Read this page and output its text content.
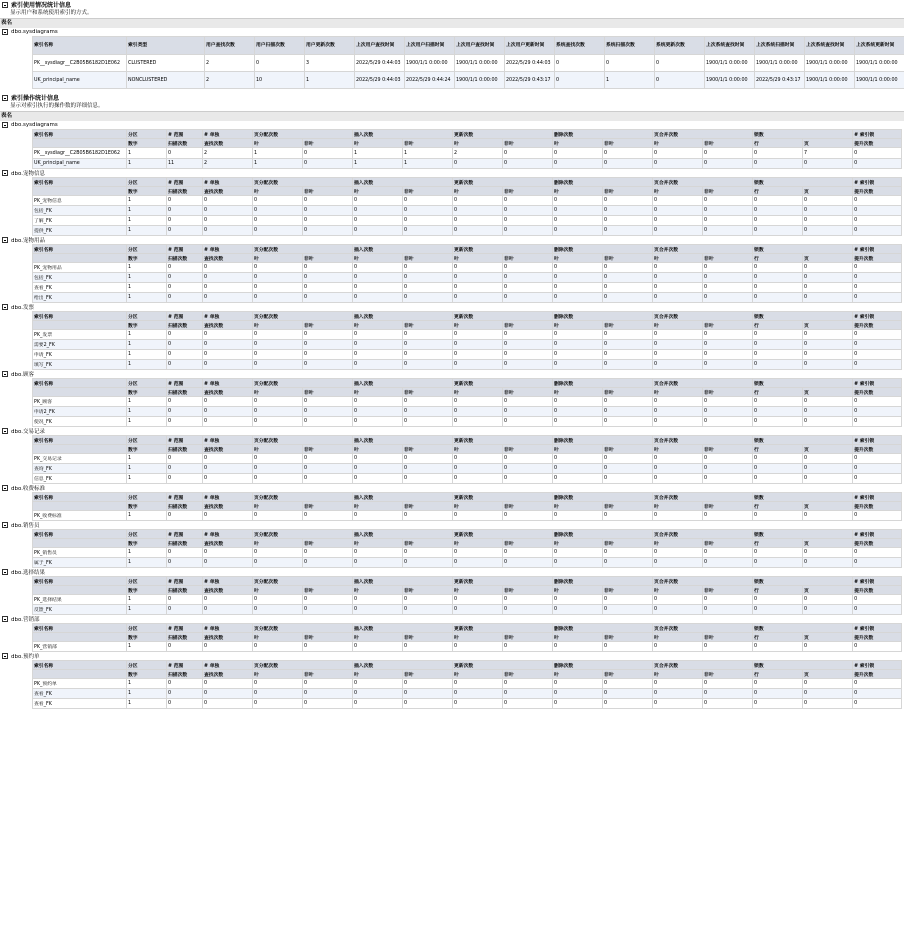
索引使用情况统计信息
显示用户和系统使用索引的方式。
表名
dbo.sysdiagrams
索引名称	索引类型	用户查找次数	用户扫描次数	用户更新次数	上次用户查找时间	上次用户扫描时间	上次用户查找时间	上次用户更新时间	系统查找次数	系统扫描次数	系统更新次数	上次系统查找时间	上次系统扫描时间	上次系统查找时间	上次系统更新时间
PK__sysdiagr__C2B05B6182D1E062	CLUSTERED	2	0	3	2022/5/29 0:44:03	1900/1/1 0:00:00	1900/1/1 0:00:00	2022/5/29 0:44:03	0	0	0	1900/1/1 0:00:00	1900/1/1 0:00:00	1900/1/1 0:00:00	1900/1/1 0:00:00
UK_principal_name	NONCLUSTERED	2	10	1	2022/5/29 0:44:03	2022/5/29 0:44:24	1900/1/1 0:00:00	2022/5/29 0:43:17	0	1	0	1900/1/1 0:00:00	2022/5/29 0:43:17	1900/1/1 0:00:00	1900/1/1 0:00:00
索引操作统计信息
显示对索引执行的操作数的详细信息。
表名
dbo.sysdiagrams
索引名称	分区	# 范围	# 单独	页分配次数		插入次数		更新次数		删除次数		页合并次数		锁数		# 索引锁
	数字	扫描次数	查找次数	叶	非叶	叶	非叶	叶	非叶	叶	非叶	叶	非叶	行	页	提升次数
PK__sysdiagr__C2B05B6182D1E062	1	0	2	1	0	1	1	2	0	0	0	0	0	0	7	0
UK_principal_name	1	11	2	1	0	1	1	0	0	0	0	0	0	0	0	0
dbo.宠物信息
索引名称	分区	# 范围	# 单独	页分配次数		插入次数		更新次数		删除次数		页合并次数		锁数		# 索引锁
	数字	扫描次数	查找次数	叶	非叶	叶	非叶	叶	非叶	叶	非叶	叶	非叶	行	页	提升次数
PK_宠物信息	1	0	0	0	0	0	0	0	0	0	0	0	0	0	0	0
包括_FK	1	0	0	0	0	0	0	0	0	0	0	0	0	0	0	0
了解_FK	1	0	0	0	0	0	0	0	0	0	0	0	0	0	0	0
提供_FK	1	0	0	0	0	0	0	0	0	0	0	0	0	0	0	0
dbo.宠物用品
索引名称	分区	# 范围	# 单独	页分配次数		插入次数		更新次数		删除次数		页合并次数		锁数		# 索引锁
	数字	扫描次数	查找次数	叶	非叶	叶	非叶	叶	非叶	叶	非叶	叶	非叶	行	页	提升次数
PK_宠物用品	1	0	0	0	0	0	0	0	0	0	0	0	0	0	0	0
包括_FK	1	0	0	0	0	0	0	0	0	0	0	0	0	0	0	0
查看_FK	1	0	0	0	0	0	0	0	0	0	0	0	0	0	0	0
给出_FK	1	0	0	0	0	0	0	0	0	0	0	0	0	0	0	0
dbo.发票
索引名称	分区	# 范围	# 单独	页分配次数		插入次数		更新次数		删除次数		页合并次数		锁数		# 索引锁
	数字	扫描次数	查找次数	叶	非叶	叶	非叶	叶	非叶	叶	非叶	叶	非叶	行	页	提升次数
PK_发票	1	0	0	0	0	0	0	0	0	0	0	0	0	0	0	0
需要2_FK	1	0	0	0	0	0	0	0	0	0	0	0	0	0	0	0
申请_FK	1	0	0	0	0	0	0	0	0	0	0	0	0	0	0	0
填写_FK	1	0	0	0	0	0	0	0	0	0	0	0	0	0	0	0
dbo.顾客
索引名称	分区	# 范围	# 单独	页分配次数		插入次数		更新次数		删除次数		页合并次数		锁数		# 索引锁
	数字	扫描次数	查找次数	叶	非叶	叶	非叶	叶	非叶	叶	非叶	叶	非叶	行	页	提升次数
PK_顾客	1	0	0	0	0	0	0	0	0	0	0	0	0	0	0	0
申请2_FK	1	0	0	0	0	0	0	0	0	0	0	0	0	0	0	0
使况_FK	1	0	0	0	0	0	0	0	0	0	0	0	0	0	0	0
dbo.交易记录
索引名称	分区	# 范围	# 单独	页分配次数		插入次数		更新次数		删除次数		页合并次数		锁数		# 索引锁
	数字	扫描次数	查找次数	叶	非叶	叶	非叶	叶	非叶	叶	非叶	叶	非叶	行	页	提升次数
PK_交易记录	1	0	0	0	0	0	0	0	0	0	0	0	0	0	0	0
查询_FK	1	0	0	0	0	0	0	0	0	0	0	0	0	0	0	0
信息_FK	1	0	0	0	0	0	0	0	0	0	0	0	0	0	0	0
dbo.收费标准
索引名称	分区	# 范围	# 单独	页分配次数		插入次数		更新次数		删除次数		页合并次数		锁数		# 索引锁
	数字	扫描次数	查找次数	叶	非叶	叶	非叶	叶	非叶	叶	非叶	叶	非叶	行	页	提升次数
PK_收费标准	1	0	0	0	0	0	0	0	0	0	0	0	0	0	0	0
dbo.销售员
索引名称	分区	# 范围	# 单独	页分配次数		插入次数		更新次数		删除次数		页合并次数		锁数		# 索引锁
	数字	扫描次数	查找次数	叶	非叶	叶	非叶	叶	非叶	叶	非叶	叶	非叶	行	页	提升次数
PK_销售员	1	0	0	0	0	0	0	0	0	0	0	0	0	0	0	0
属于_FK	1	0	0	0	0	0	0	0	0	0	0	0	0	0	0	0
dbo.选择结果
索引名称	分区	# 范围	# 单独	页分配次数		插入次数		更新次数		删除次数		页合并次数		锁数		# 索引锁
	数字	扫描次数	查找次数	叶	非叶	叶	非叶	叶	非叶	叶	非叶	叶	非叶	行	页	提升次数
PK_选择结果	1	0	0	0	0	0	0	0	0	0	0	0	0	0	0	0
反馈_FK	1	0	0	0	0	0	0	0	0	0	0	0	0	0	0	0
dbo.营销部
索引名称	分区	# 范围	# 单独	页分配次数		插入次数		更新次数		删除次数		页合并次数		锁数		# 索引锁
	数字	扫描次数	查找次数	叶	非叶	叶	非叶	叶	非叶	叶	非叶	叶	非叶	行	页	提升次数
PK_营销部	1	0	0	0	0	0	0	0	0	0	0	0	0	0	0	0
dbo.预约单
索引名称	分区	# 范围	# 单独	页分配次数		插入次数		更新次数		删除次数		页合并次数		锁数		# 索引锁
	数字	扫描次数	查找次数	叶	非叶	叶	非叶	叶	非叶	叶	非叶	叶	非叶	行	页	提升次数
PK_预约单	1	0	0	0	0	0	0	0	0	0	0	0	0	0	0	0
查看_FK	1	0	0	0	0	0	0	0	0	0	0	0	0	0	0	0
查看_FK	1	0	0	0	0	0	0	0	0	0	0	0	0	0	0	0
